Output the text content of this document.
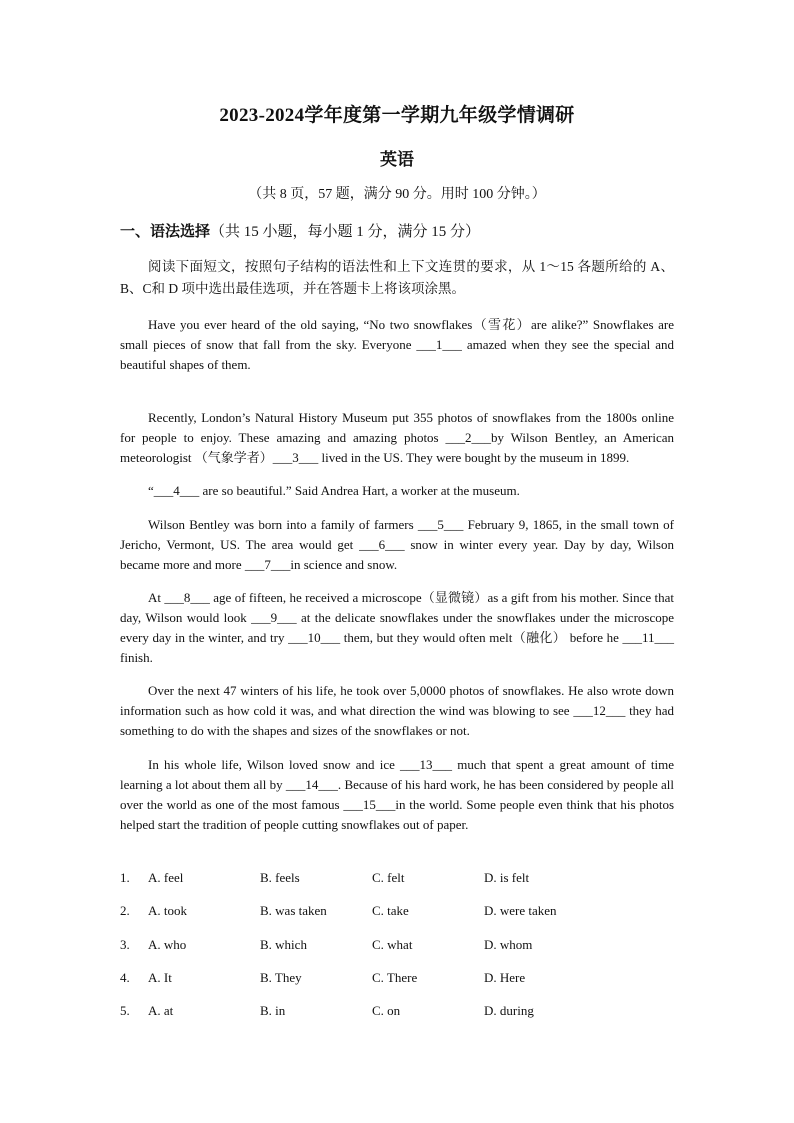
2023-2024学年度第一学期九年级学情调研
英语
（共 8 页，57 题，满分 90 分。用时 100 分钟。）
一、语法选择（共 15 小题，每小题 1 分，满分 15 分）
阅读下面短文，按照句子结构的语法性和上下文连贯的要求，从 1～15 各题所给的 A、B、C和 D 项中选出最佳选项，并在答题卡上将该项涂黑。
Have you ever heard of the old saying, “No two snowflakes（雪花）are alike?” Snowflakes are small pieces of snow that fall from the sky. Everyone ___1___ amazed when they see the special and beautiful shapes of them.
Recently, London’s Natural History Museum put 355 photos of snowflakes from the 1800s online for people to enjoy. These amazing and amazing photos ___2___by Wilson Bentley, an American meteorologist （气象学者）___3___ lived in the US. They were bought by the museum in 1899.
“___4___ are so beautiful.” Said Andrea Hart, a worker at the museum.
Wilson Bentley was born into a family of farmers ___5___ February 9, 1865, in the small town of Jericho, Vermont, US. The area would get ___6___ snow in winter every year. Day by day, Wilson became more and more ___7___in science and snow.
At ___8___ age of fifteen, he received a microscope（显微镜）as a gift from his mother. Since that day, Wilson would look ___9___ at the delicate snowflakes under the snowflakes under the microscope every day in the winter, and try ___10___ them, but they would often melt（融化） before he ___11___ finish.
Over the next 47 winters of his life, he took over 5,0000 photos of snowflakes. He also wrote down information such as how cold it was, and what direction the wind was blowing to see ___12___ they had something to do with the shapes and sizes of the snowflakes or not.
In his whole life, Wilson loved snow and ice ___13___ much that spent a great amount of time learning a lot about them all by ___14___. Because of his hard work, he has been considered by people all over the world as one of the most famous ___15___in the world. Some people even think that his photos helped start the tradition of people cutting snowflakes out of paper.
1. A. feel	B. feels	C. felt	D. is felt
2. A. took	B. was taken	C. take	D. were taken
3. A. who	B. which	C. what	D. whom
4. A. It	B. They	C. There	D. Here
5. A. at	B. in	C. on	D. during
